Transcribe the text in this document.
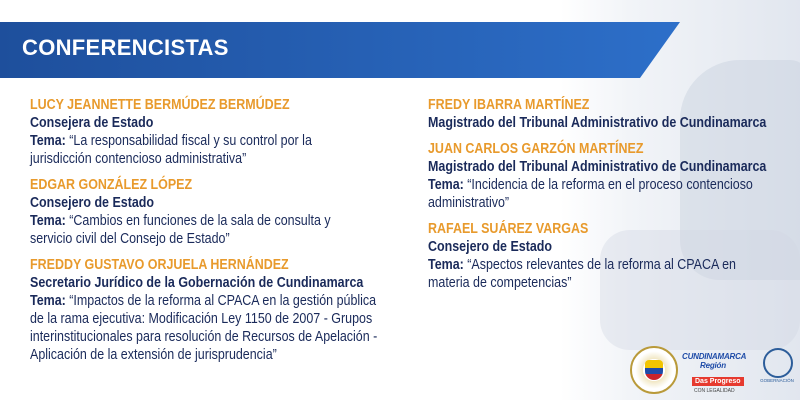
CONFERENCISTAS
LUCY JEANNETTE BERMÚDEZ BERMÚDEZ
Consejera de Estado
Tema: “La responsabilidad fiscal y su control por la
jurisdicción contencioso administrativa”
EDGAR GONZÁLEZ LÓPEZ
Consejero de Estado
Tema: “Cambios en funciones de la sala de consulta y
servicio civil del Consejo de Estado”
FREDDY GUSTAVO ORJUELA HERNÁNDEZ
Secretario Jurídico de la Gobernación de Cundinamarca
Tema: “Impactos de la reforma al CPACA en la gestión pública
de la rama ejecutiva: Modificación Ley 1150 de 2007 - Grupos
interinstitucionales para resolución de Recursos de Apelación -
Aplicación de la extensión de jurisprudencia”
FREDY IBARRA MARTÍNEZ
Magistrado del Tribunal Administrativo de Cundinamarca
JUAN CARLOS GARZÓN MARTÍNEZ
Magistrado del Tribunal Administrativo de Cundinamarca
Tema: “Incidencia de la reforma en el proceso contencioso
administrativo”
RAFAEL SUÁREZ VARGAS
Consejero de Estado
Tema: “Aspectos relevantes de la reforma al CPACA en
materia de competencias”
CUNDINAMARCA
Región
Das Progreso
CON LEGALIDAD
GOBERNACIÓN
